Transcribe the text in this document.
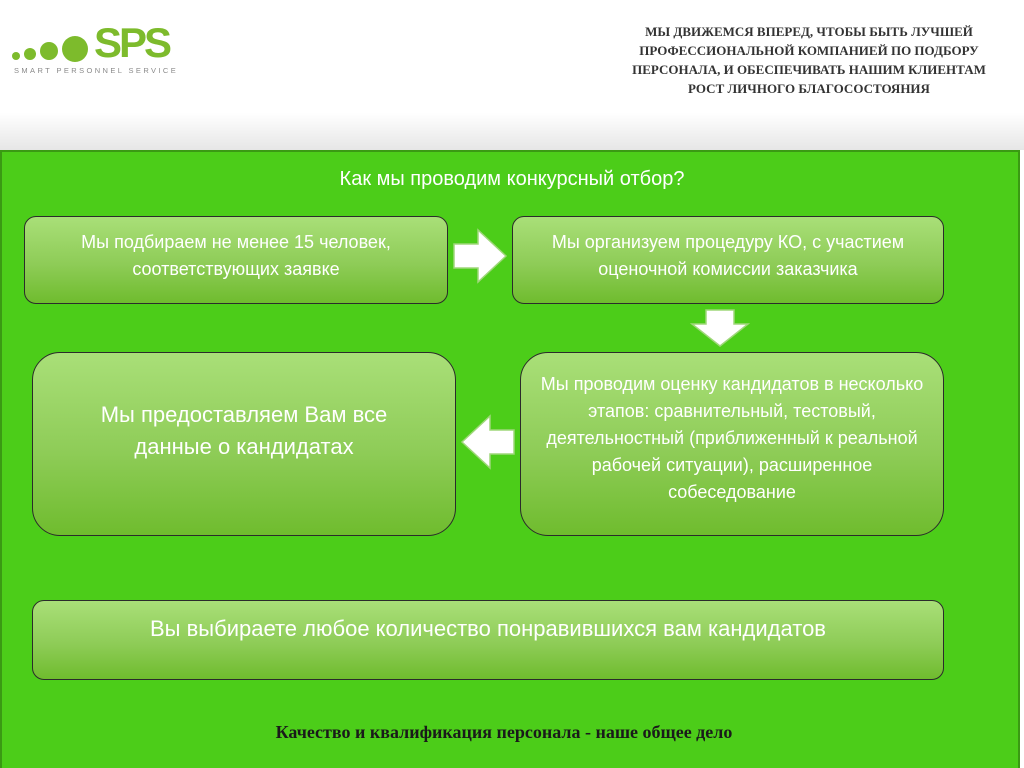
SPS
SMART PERSONNEL SERVICE
МЫ ДВИЖЕМСЯ ВПЕРЕД, ЧТОБЫ БЫТЬ ЛУЧШЕЙ ПРОФЕССИОНАЛЬНОЙ КОМПАНИЕЙ ПО ПОДБОРУ ПЕРСОНАЛА, И ОБЕСПЕЧИВАТЬ НАШИМ КЛИЕНТАМ РОСТ ЛИЧНОГО БЛАГОСОСТОЯНИЯ
Как мы проводим конкурсный отбор?
Мы подбираем не менее 15 человек, соответствующих заявке
Мы организуем процедуру КО, с участием оценочной комиссии заказчика
Мы проводим оценку кандидатов в несколько этапов: сравнительный, тестовый, деятельностный (приближенный к реальной рабочей ситуации), расширенное собеседование
Мы предоставляем Вам все данные о кандидатах
Вы выбираете любое количество понравившихся вам кандидатов
Качество и квалификация персонала - наше общее дело
